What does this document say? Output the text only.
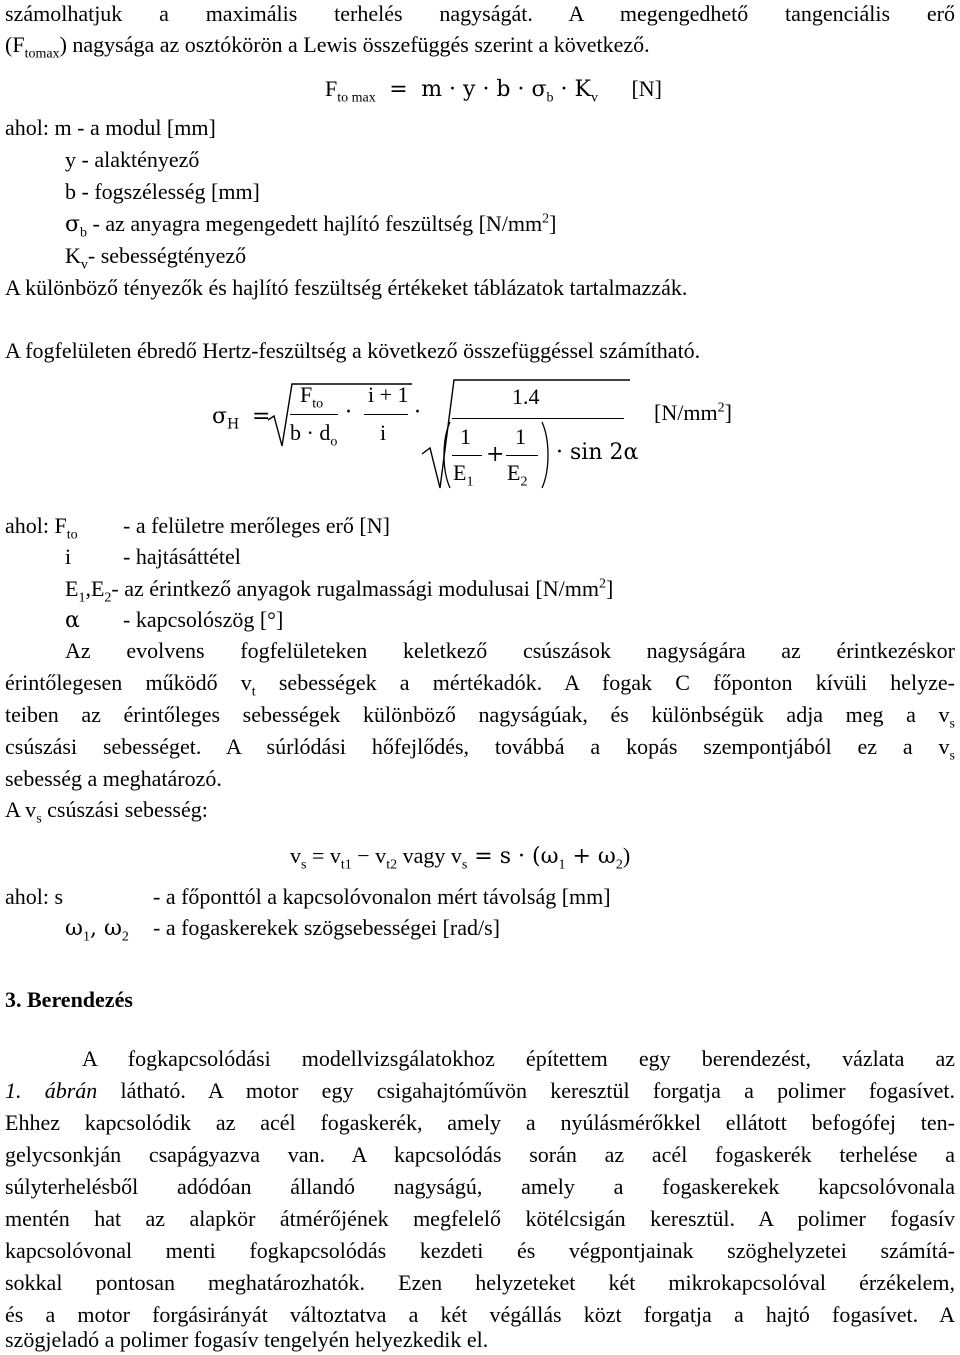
számolhatjuk a maximális terhelés nagyságát. A megengedhető tangenciális erő
$(F_{tomax})$ nagysága az osztókörön a Lewis összefüggés szerint a következő.
$F_{to max} = m \cdot y \cdot b \cdot \sigma_b \cdot K_v$ [N]
ahol: m - a modul [mm]
y - alaktényező
b - fogszélesség [mm]
$\sigma_b$ - az anyagra megengedett hajlító feszültség $[N/mm^2]$
$K_v-$ sebességtényező
A különböző tényezők és hajlító feszültség értékeket táblázatok tartalmazzák.
A fogfelületen ébredő Hertz-feszültség a következő összefüggéssel számítható.
$\sigma_H$ =
$F_{to}$
$b \cdot d_o$
·
i + 1
i
·
1.4
1
$E_1$
+
1
$E_2$
· sin 2α
$[N/mm^2]$
ahol: $F_{to}$ - a felületre merőleges erő [N]
i - hajtásáttétel
$E_1,E_2-$ az érintkező anyagok rugalmassági modulusai $[N/mm^2]$
α - kapcsolószög [°]
Az evolvens fogfelületeken keletkező csúszások nagyságára az érintkezéskor
érintőlegesen működő $v_t$ sebességek a mértékadók. A fogak C főponton kívüli helyze-
teiben az érintőleges sebességek különböző nagyságúak, és különbségük adja meg a $v_s$
csúszási sebességet. A súrlódási hőfejlődés, továbbá a kopás szempontjából ez a $v_s$
sebesség a meghatározó.
A $v_s$ csúszási sebesség:
$v_s = v_{t1} - v_{t2}$ vagy $v_s = s \cdot (\omega_1 + \omega_2)$
ahol: s	- a főponttól a kapcsolóvonalon mért távolság [mm]
$\omega_1$, $\omega_2$ - a fogaskerekek szögsebességei [rad/s]
3. Berendezés
A fogkapcsolódási modellvizsgálatokhoz építettem egy berendezést, vázlata az
1. ábrán látható. A motor egy csigahajtóművön keresztül forgatja a polimer fogasívet.
Ehhez kapcsolódik az acél fogaskerék, amely a nyúlásmérőkkel ellátott befogófej ten-
gelycsonkján csapágyazva van. A kapcsolódás során az acél fogaskerék terhelése a
súlyterhelésből adódóan állandó nagyságú, amely a fogaskerekek kapcsolóvonala
mentén hat az alapkör átmérőjének megfelelő kötélcsigán keresztül. A polimer fogasív
kapcsolóvonal menti fogkapcsolódás kezdeti és végpontjainak szöghelyzetei számítá-
sokkal pontosan meghatározhatók. Ezen helyzeteket két mikrokapcsolóval érzékelem,
és a motor forgásirányát változtatva a két végállás közt forgatja a hajtó fogasívet. A
szögjeladó a polimer fogasív tengelyén helyezkedik el.
